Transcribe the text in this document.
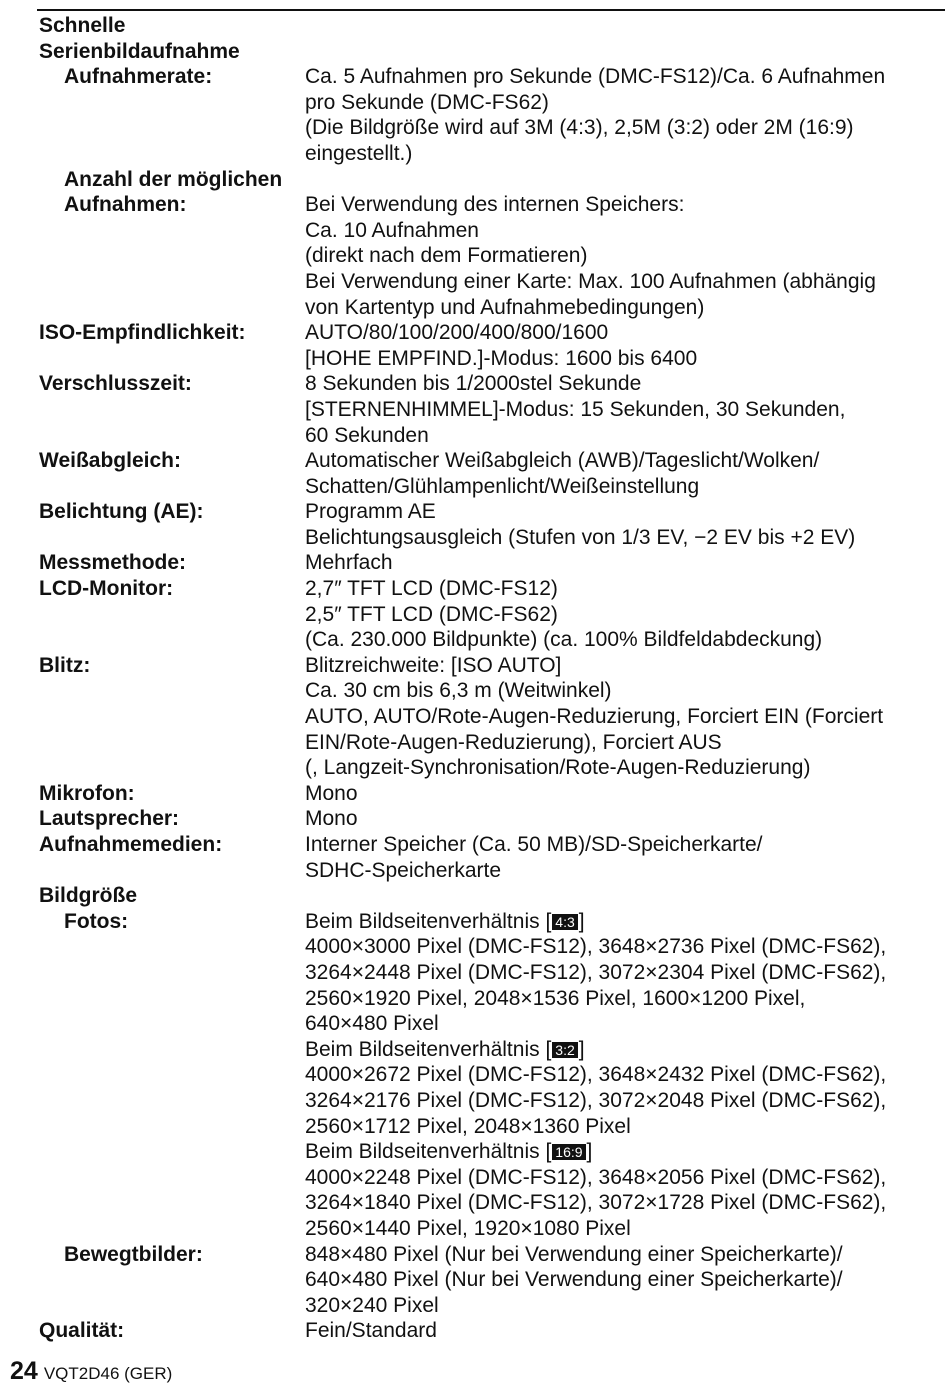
Schnelle
Serienbildaufnahme
Aufnahmerate:	Ca. 5 Aufnahmen pro Sekunde (DMC-FS12)/Ca. 6 Aufnahmen
pro Sekunde (DMC-FS62)
(Die Bildgröße wird auf 3M (4:3), 2,5M (3:2) oder 2M (16:9)
eingestellt.)
Anzahl der möglichen
Aufnahmen:	Bei Verwendung des internen Speichers:
Ca. 10 Aufnahmen
(direkt nach dem Formatieren)
Bei Verwendung einer Karte: Max. 100 Aufnahmen (abhängig
von Kartentyp und Aufnahmebedingungen)
ISO-Empfindlichkeit:	AUTO/80/100/200/400/800/1600
[HOHE EMPFIND.]-Modus: 1600 bis 6400
Verschlusszeit:	8 Sekunden bis 1/2000stel Sekunde
[STERNENHIMMEL]-Modus: 15 Sekunden, 30 Sekunden,
60 Sekunden
Weißabgleich:	Automatischer Weißabgleich (AWB)/Tageslicht/Wolken/
Schatten/Glühlampenlicht/Weißeinstellung
Belichtung (AE):	Programm AE
Belichtungsausgleich (Stufen von 1/3 EV, −2 EV bis +2 EV)
Messmethode:	Mehrfach
LCD-Monitor:	2,7″ TFT LCD (DMC-FS12)
2,5″ TFT LCD (DMC-FS62)
(Ca. 230.000 Bildpunkte) (ca. 100% Bildfeldabdeckung)
Blitz:	Blitzreichweite: [ISO AUTO]
Ca. 30 cm bis 6,3 m (Weitwinkel)
AUTO, AUTO/Rote-Augen-Reduzierung, Forciert EIN (Forciert
EIN/Rote-Augen-Reduzierung), Forciert AUS
(, Langzeit-Synchronisation/Rote-Augen-Reduzierung)
Mikrofon:	Mono
Lautsprecher:	Mono
Aufnahmemedien:	Interner Speicher (Ca. 50 MB)/SD-Speicherkarte/
SDHC-Speicherkarte
Bildgröße
Fotos:	Beim Bildseitenverhältnis [ 4:3 ]
4000×3000 Pixel (DMC-FS12), 3648×2736 Pixel (DMC-FS62),
3264×2448 Pixel (DMC-FS12), 3072×2304 Pixel (DMC-FS62),
2560×1920 Pixel, 2048×1536 Pixel, 1600×1200 Pixel,
640×480 Pixel
Beim Bildseitenverhältnis [ 3:2 ]
4000×2672 Pixel (DMC-FS12), 3648×2432 Pixel (DMC-FS62),
3264×2176 Pixel (DMC-FS12), 3072×2048 Pixel (DMC-FS62),
2560×1712 Pixel, 2048×1360 Pixel
Beim Bildseitenverhältnis [ 16:9 ]
4000×2248 Pixel (DMC-FS12), 3648×2056 Pixel (DMC-FS62),
3264×1840 Pixel (DMC-FS12), 3072×1728 Pixel (DMC-FS62),
2560×1440 Pixel, 1920×1080 Pixel
Bewegtbilder:	848×480 Pixel (Nur bei Verwendung einer Speicherkarte)/
640×480 Pixel (Nur bei Verwendung einer Speicherkarte)/
320×240 Pixel
Qualität:	Fein/Standard
24 VQT2D46 (GER)
